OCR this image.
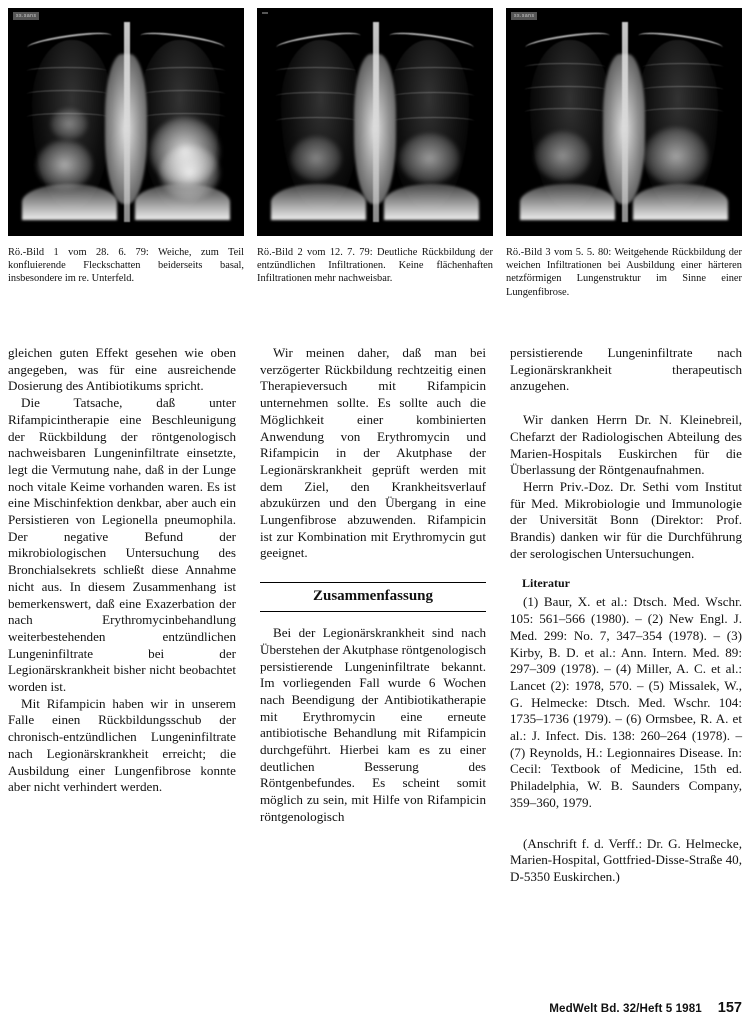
ss.sans	ss.sans
Rö.-Bild 1 vom 28. 6. 79: Weiche, zum Teil konfluierende Fleckschatten beiderseits basal, insbesondere im re. Unterfeld.
Rö.-Bild 2 vom 12. 7. 79: Deutliche Rückbildung der entzündlichen Infiltrationen. Keine flächenhaften Infiltrationen mehr nachweisbar.
Rö.-Bild 3 vom 5. 5. 80: Weitgehende Rückbildung der weichen Infiltrationen bei Ausbildung einer härteren netzförmigen Lungenstruktur im Sinne einer Lungenfibrose.

gleichen guten Effekt gesehen wie oben angegeben, was für eine ausreichende Dosierung des Antibiotikums spricht.

Die Tatsache, daß unter Rifampicintherapie eine Beschleunigung der Rückbildung der röntgenologisch nachweisbaren Lungeninfiltrate einsetzte, legt die Vermutung nahe, daß in der Lunge noch vitale Keime vorhanden waren. Es ist eine Mischinfektion denkbar, aber auch ein Persistieren von Legionella pneumophila. Der negative Befund der mikrobiologischen Untersuchung des Bronchialsekrets schließt diese Annahme nicht aus. In diesem Zusammenhang ist bemerkenswert, daß eine Exazerbation der nach Erythromycinbehandlung weiterbestehenden entzündlichen Lungeninfiltrate bei der Legionärskrankheit bisher nicht beobachtet worden ist.

Mit Rifampicin haben wir in unserem Falle einen Rückbildungsschub der chronisch-entzündlichen Lungeninfiltrate nach Legionärskrankheit erreicht; die Ausbildung einer Lungenfibrose konnte aber nicht verhindert werden.

Wir meinen daher, daß man bei verzögerter Rückbildung rechtzeitig einen Therapieversuch mit Rifampicin unternehmen sollte. Es sollte auch die Möglichkeit einer kombinierten Anwendung von Erythromycin und Rifampicin in der Akutphase der Legionärskrankheit geprüft werden mit dem Ziel, den Krankheitsverlauf abzukürzen und den Übergang in eine Lungenfibrose abzuwenden. Rifampicin ist zur Kombination mit Erythromycin gut geeignet.

Zusammenfassung

Bei der Legionärskrankheit sind nach Überstehen der Akutphase röntgenologisch persistierende Lungeninfiltrate bekannt. Im vorliegenden Fall wurde 6 Wochen nach Beendigung der Antibiotikatherapie mit Erythromycin eine erneute antibiotische Behandlung mit Rifampicin durchgeführt. Hierbei kam es zu einer deutlichen Besserung des Röntgenbefundes. Es scheint somit möglich zu sein, mit Hilfe von Rifampicin röntgenologisch

persistierende Lungeninfiltrate nach Legionärskrankheit therapeutisch anzugehen.

Wir danken Herrn Dr. N. Kleinebreil, Chefarzt der Radiologischen Abteilung des Marien-Hospitals Euskirchen für die Überlassung der Röntgenaufnahmen.

Herrn Priv.-Doz. Dr. Sethi vom Institut für Med. Mikrobiologie und Immunologie der Universität Bonn (Direktor: Prof. Brandis) danken wir für die Durchführung der serologischen Untersuchungen.

Literatur

(1) Baur, X. et al.: Dtsch. Med. Wschr. 105: 561–566 (1980). – (2) New Engl. J. Med. 299: No. 7, 347–354 (1978). – (3) Kirby, B. D. et al.: Ann. Intern. Med. 89: 297–309 (1978). – (4) Miller, A. C. et al.: Lancet (2): 1978, 570. – (5) Missalek, W., G. Helmecke: Dtsch. Med. Wschr. 104: 1735–1736 (1979). – (6) Ormsbee, R. A. et al.: J. Infect. Dis. 138: 260–264 (1978). – (7) Reynolds, H.: Legionnaires Disease. In: Cecil: Textbook of Medicine, 15th ed. Philadelphia, W. B. Saunders Company, 359–360, 1979.

(Anschrift f. d. Verff.: Dr. G. Helmecke, Marien-Hospital, Gottfried-Disse-Straße 40, D-5350 Euskirchen.)

MedWelt Bd. 32/Heft 5 1981 157
